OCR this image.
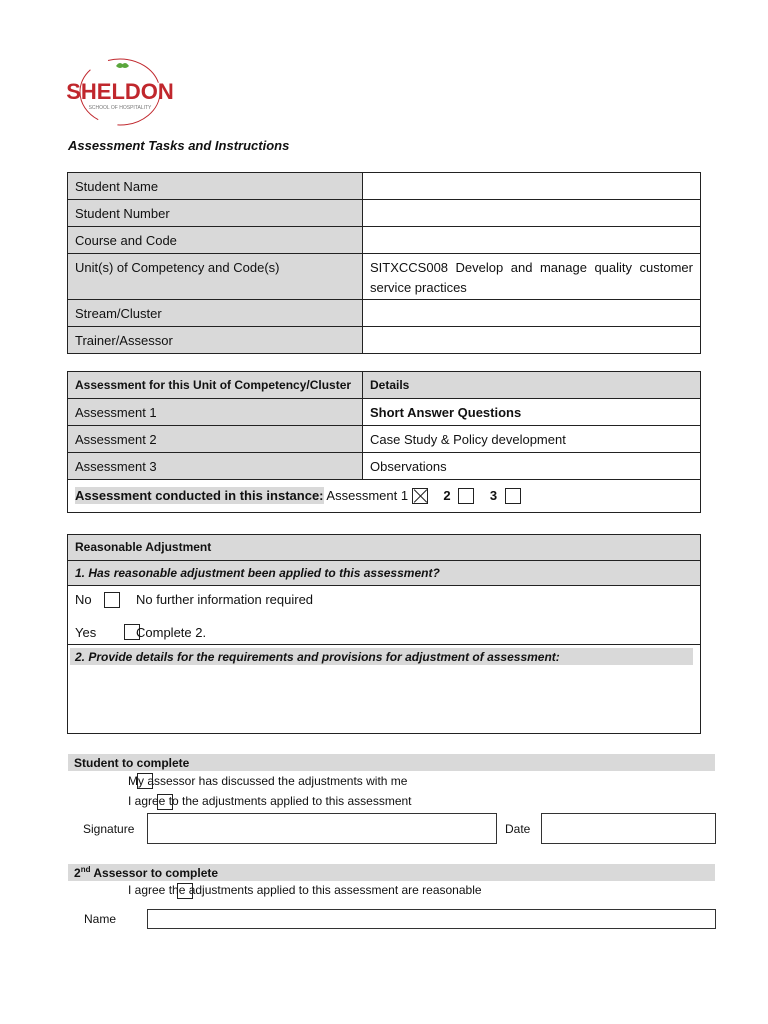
SHELDON
SCHOOL OF HOSPITALITY
Assessment Tasks and Instructions
Student Name	
Student Number	
Course and Code	
Unit(s) of Competency and Code(s)	SITXCCS008 Develop and manage quality customer service practices
Stream/Cluster	
Trainer/Assessor	
Assessment for this Unit of Competency/Cluster	Details
Assessment 1	Short Answer Questions
Assessment 2	Case Study & Policy development
Assessment 3	Observations
Assessment conducted in this instance: Assessment 1 2 3	
Reasonable Adjustment
1. Has reasonable adjustment been applied to this assessment?
No
	No further information required
Yes
	Complete 2.
2. Provide details for the requirements and provisions for adjustment of assessment:
Student to complete

My assessor has discussed the adjustments with me

I agree to the adjustments applied to this assessment
Signature	Date
2nd Assessor to complete
I agree the adjustments applied to this assessment are reasonable
Name
